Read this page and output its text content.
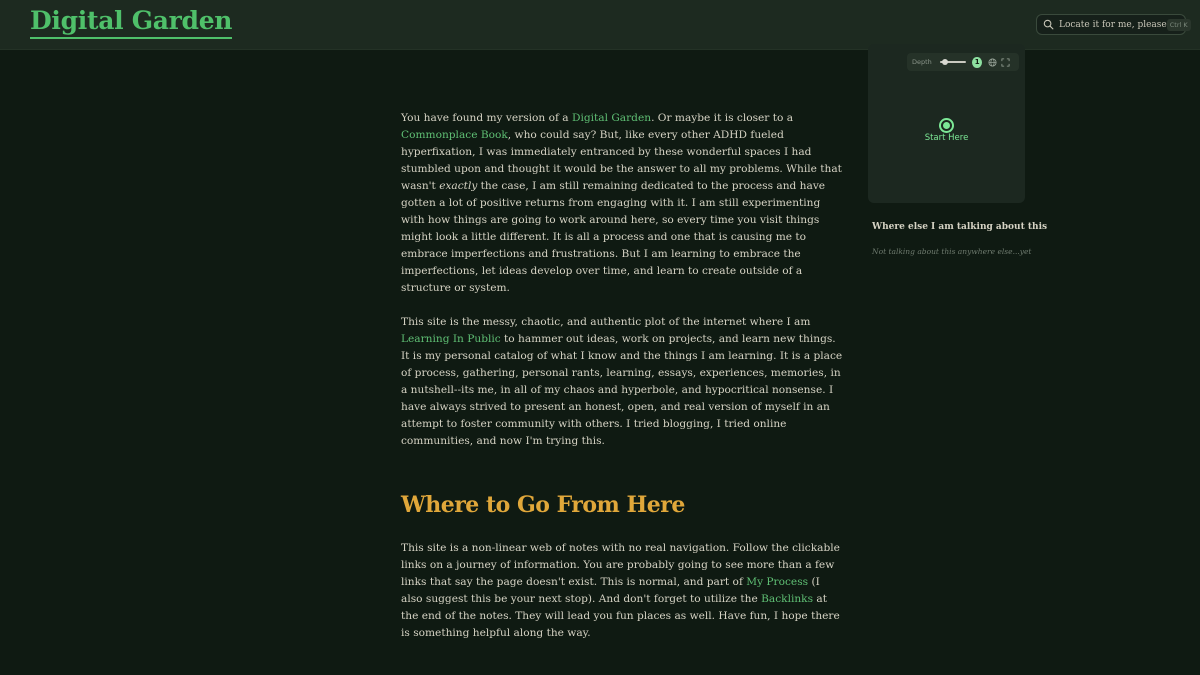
Digital Garden	Locate it for me, please Ctrl K

You have found my version of a Digital Garden. Or maybe it is closer to a Commonplace Book, who could say? But, like every other ADHD fueled hyperfixation, I was immediately entranced by these wonderful spaces I had stumbled upon and thought it would be the answer to all my problems. While that wasn't exactly the case, I am still remaining dedicated to the process and have gotten a lot of positive returns from engaging with it. I am still experimenting with how things are going to work around here, so every time you visit things might look a little different. It is all a process and one that is causing me to embrace imperfections and frustrations. But I am learning to embrace the imperfections, let ideas develop over time, and learn to create outside of a structure or system.

This site is the messy, chaotic, and authentic plot of the internet where I am Learning In Public to hammer out ideas, work on projects, and learn new things. It is my personal catalog of what I know and the things I am learning. It is a place of process, gathering, personal rants, learning, essays, experiences, memories, in a nutshell--its me, in all of my chaos and hyperbole, and hypocritical nonsense. I have always strived to present an honest, open, and real version of myself in an attempt to foster community with others. I tried blogging, I tried online communities, and now I'm trying this.

Where to Go From Here

This site is a non-linear web of notes with no real navigation. Follow the clickable links on a journey of information. You are probably going to see more than a few links that say the page doesn't exist. This is normal, and part of My Process (I also suggest this be your next stop). And don't forget to utilize the Backlinks at the end of the notes. They will lead you fun places as well. Have fun, I hope there is something helpful along the way.

Depth	1
Start Here
Where else I am talking about this
Not talking about this anywhere else...yet
